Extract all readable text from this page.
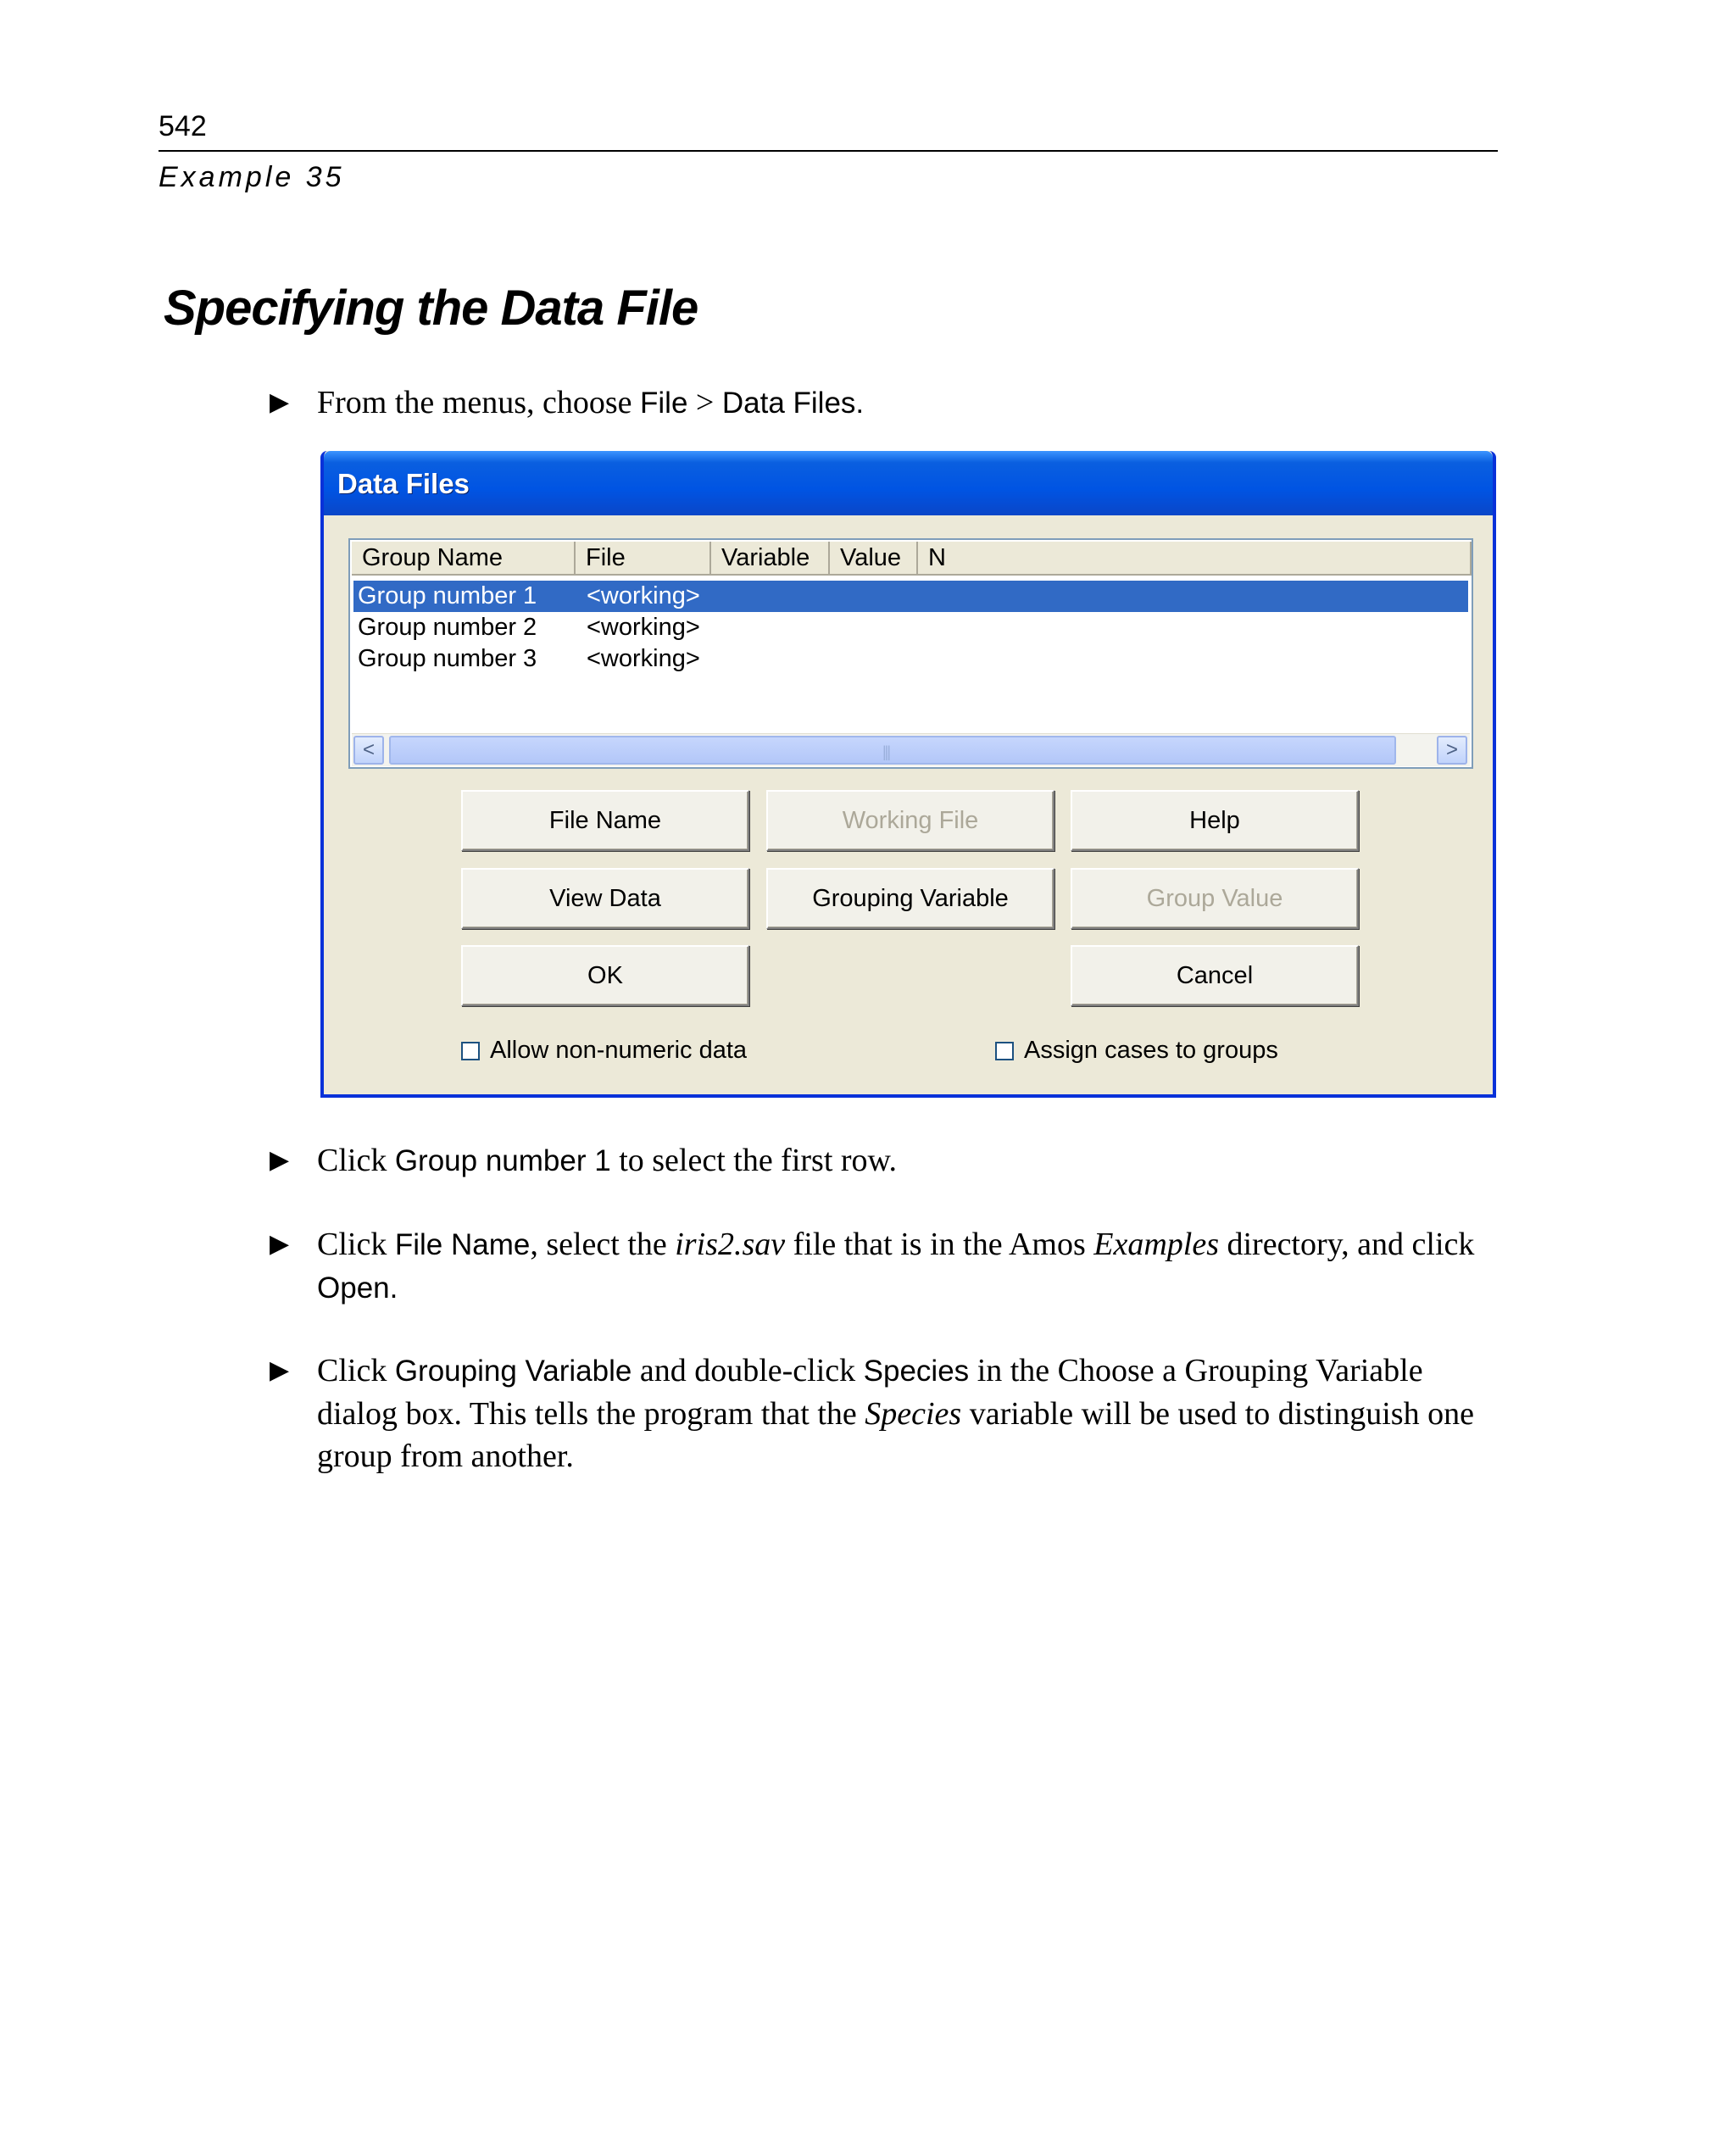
542
Example 35
Specifying the Data File
▶ From the menus, choose File > Data Files.
Data Files
Group Name	File	Variable	Value	N
Group number 1 <working>
Group number 2 <working>
Group number 3 <working>
<	|||	>
File Name	Working File	Help
View Data	Grouping Variable	Group Value
OK	Cancel
Allow non-numeric data	Assign cases to groups
▶ Click Group number 1 to select the first row.
▶ Click File Name, select the iris2.sav file that is in the Amos Examples directory, and click Open.
▶ Click Grouping Variable and double-click Species in the Choose a Grouping Variable dialog box. This tells the program that the Species variable will be used to distinguish one group from another.
